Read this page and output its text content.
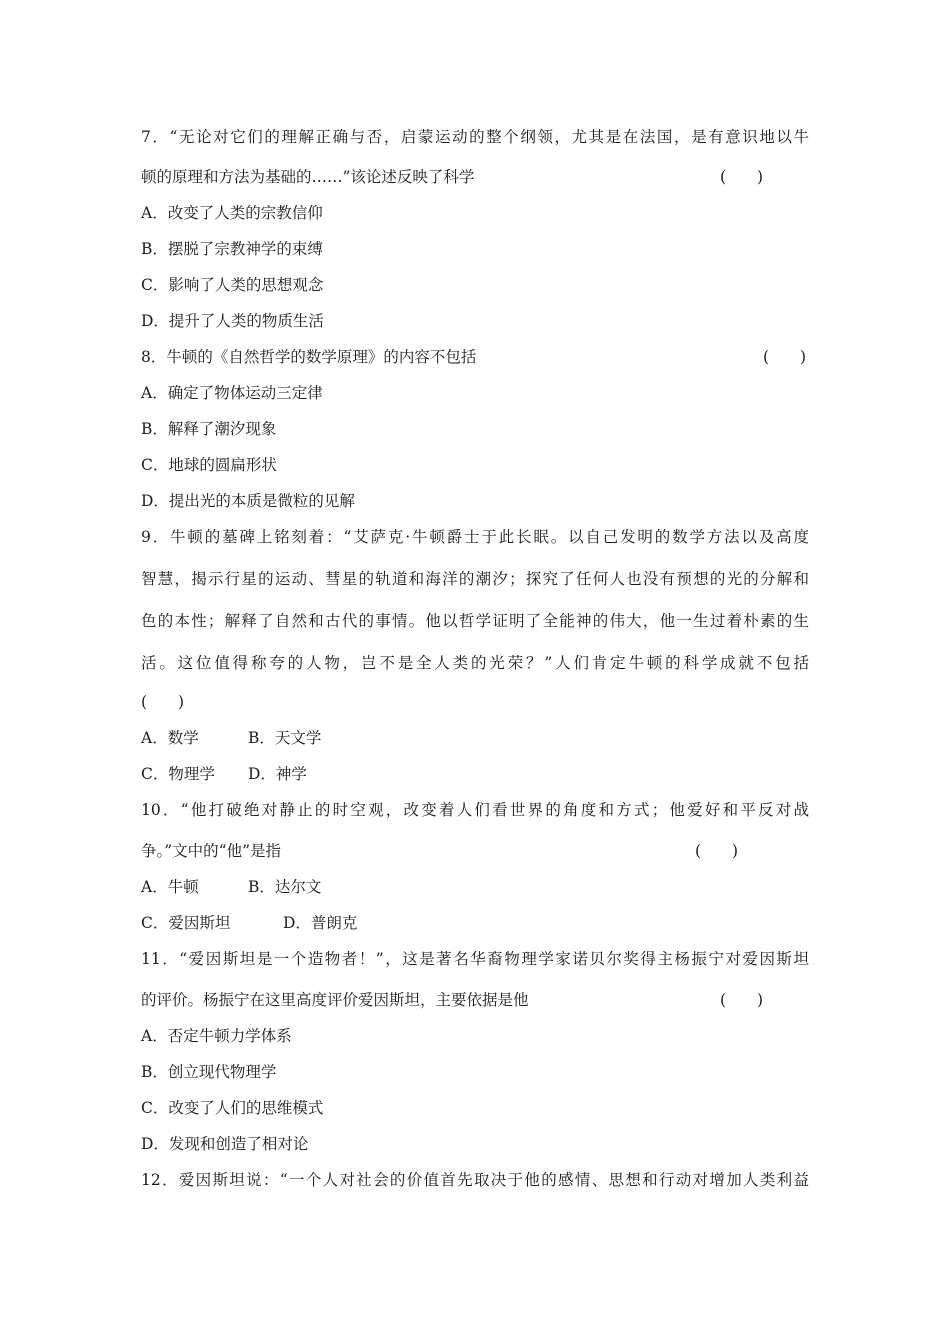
7．“无论对它们的理解正确与否，启蒙运动的整个纲领，尤其是在法国，是有意识地以牛
顿的原理和方法为基础的……”该论述反映了科学	(　　)
A．改变了人类的宗教信仰
B．摆脱了宗教神学的束缚
C．影响了人类的思想观念
D．提升了人类的物质生活
8．牛顿的《自然哲学的数学原理》的内容不包括	(　　)
A．确定了物体运动三定律
B．解释了潮汐现象
C．地球的圆扁形状
D．提出光的本质是微粒的见解
9．牛顿的墓碑上铭刻着：“艾萨克·牛顿爵士于此长眠。以自己发明的数学方法以及高度
智慧，揭示行星的运动、彗星的轨道和海洋的潮汐；探究了任何人也没有预想的光的分解和
色的本性；解释了自然和古代的事情。他以哲学证明了全能神的伟大，他一生过着朴素的生
活。这位值得称夸的人物，岂不是全人类的光荣？”人们肯定牛顿的科学成就不包括
(　　)
A．数学	B．天文学
C．物理学 D．神学
10．“他打破绝对静止的时空观，改变着人们看世界的角度和方式；他爱好和平反对战
争。”文中的“他”是指	(　　)
A．牛顿	B．达尔文
C．爱因斯坦	D．普朗克
11．“爱因斯坦是一个造物者！”，这是著名华裔物理学家诺贝尔奖得主杨振宁对爱因斯坦
的评价。杨振宁在这里高度评价爱因斯坦，主要依据是他	(　　)
A．否定牛顿力学体系
B．创立现代物理学
C．改变了人们的思维模式
D．发现和创造了相对论
12．爱因斯坦说：“一个人对社会的价值首先取决于他的感情、思想和行动对增加人类利益
